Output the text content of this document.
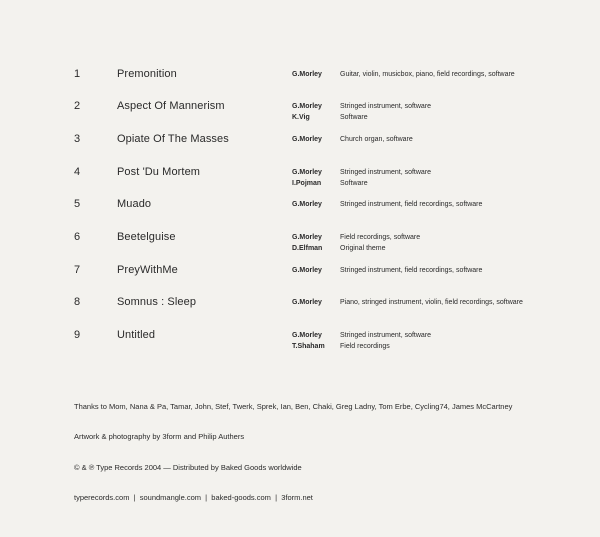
1	Premonition	G.Morley	Guitar, violin, musicbox, piano, field recordings, software
2	Aspect Of Mannerism	G.Morley	Stringed instrument, software
K.Vig	Software
3	Opiate Of The Masses	G.Morley	Church organ, software
4	Post 'Du Mortem	G.Morley	Stringed instrument, software
I.Pojman	Software
5	Muado	G.Morley	Stringed instrument, field recordings, software
6	Beetelguise	G.Morley	Field recordings, software
D.Elfman	Original theme
7	PreyWithMe	G.Morley	Stringed instrument, field recordings, software
8	Somnus : Sleep	G.Morley	Piano, stringed instrument, violin, field recordings, software
9	Untitled	G.Morley	Stringed instrument, software
T.Shaham Field recordings
Thanks to Mom, Nana & Pa, Tamar, John, Stef, Twerk, Sprek, Ian, Ben, Chaki, Greg Ladny, Tom Erbe, Cycling74, James McCartney
Artwork & photography by 3form and Philip Authers
© & ℗ Type Records 2004 — Distributed by Baked Goods worldwide
typerecords.com  |  soundmangle.com  |  baked-goods.com  |  3form.net
